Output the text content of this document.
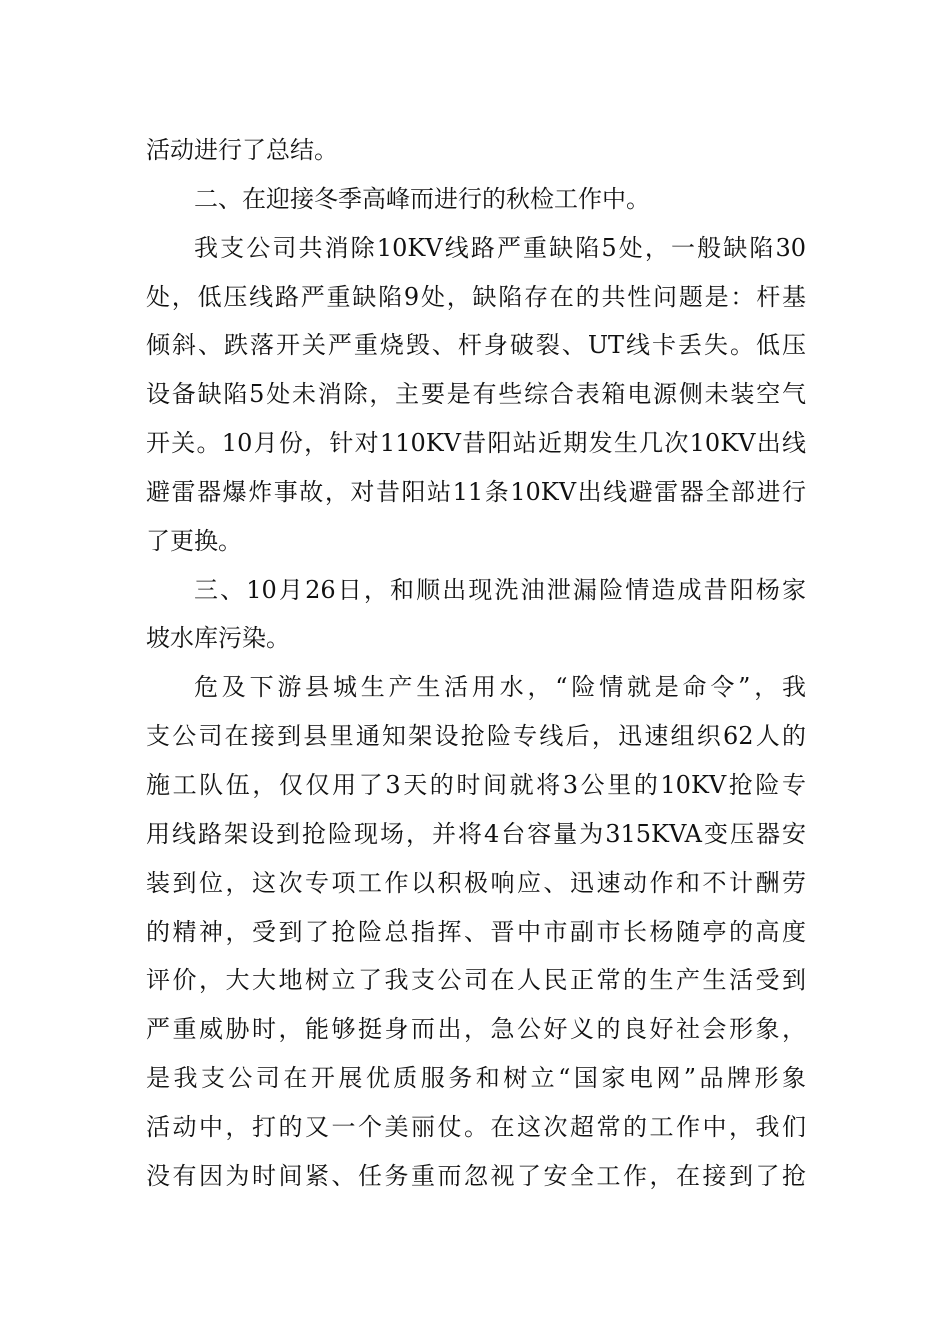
活动进行了总结。
二、在迎接冬季高峰而进行的秋检工作中。
我支公司共消除10KV线路严重缺陷5处，一般缺陷30
处，低压线路严重缺陷9处，缺陷存在的共性问题是：杆基
倾斜、跌落开关严重烧毁、杆身破裂、UT线卡丢失。低压
设备缺陷5处未消除，主要是有些综合表箱电源侧未装空气
开关。10月份，针对110KV昔阳站近期发生几次10KV出线
避雷器爆炸事故，对昔阳站11条10KV出线避雷器全部进行
了更换。
三、10月26日，和顺出现洗油泄漏险情造成昔阳杨家
坡水库污染。
危及下游县城生产生活用水，“险情就是命令”，我
支公司在接到县里通知架设抢险专线后，迅速组织62人的
施工队伍，仅仅用了3天的时间就将3公里的10KV抢险专
用线路架设到抢险现场，并将4台容量为315KVA变压器安
装到位，这次专项工作以积极响应、迅速动作和不计酬劳
的精神，受到了抢险总指挥、晋中市副市长杨随亭的高度
评价，大大地树立了我支公司在人民正常的生产生活受到
严重威胁时，能够挺身而出，急公好义的良好社会形象，
是我支公司在开展优质服务和树立“国家电网”品牌形象
活动中，打的又一个美丽仗。在这次超常的工作中，我们
没有因为时间紧、任务重而忽视了安全工作，在接到了抢
